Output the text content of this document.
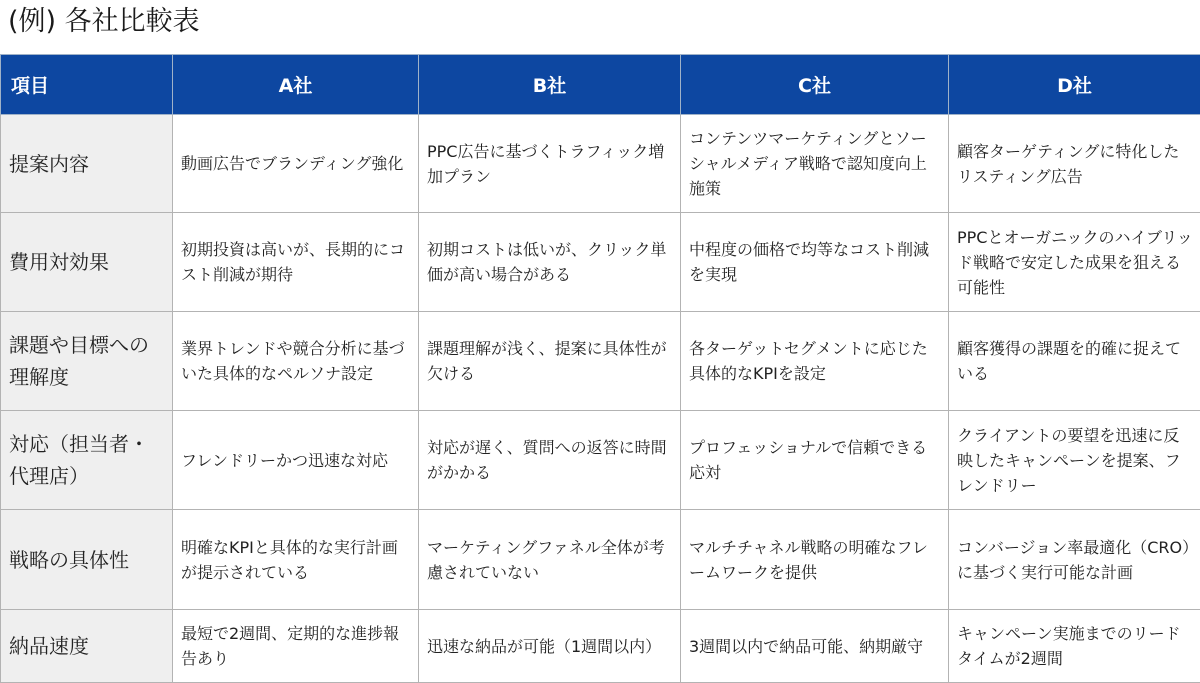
(例) 各社比較表
項目	A社	B社	C社	D社
提案内容	動画広告でブランディング強化	PPC広告に基づくトラフィック増加プラン	コンテンツマーケティングとソーシャルメディア戦略で認知度向上施策	顧客ターゲティングに特化したリスティング広告
費用対効果	初期投資は高いが、長期的にコスト削減が期待	初期コストは低いが、クリック単価が高い場合がある	中程度の価格で均等なコスト削減を実現	PPCとオーガニックのハイブリッド戦略で安定した成果を狙える可能性
課題や目標への理解度	業界トレンドや競合分析に基づいた具体的なペルソナ設定	課題理解が浅く、提案に具体性が欠ける	各ターゲットセグメントに応じた具体的なKPIを設定	顧客獲得の課題を的確に捉えている
対応（担当者・代理店）	フレンドリーかつ迅速な対応	対応が遅く、質問への返答に時間がかかる	プロフェッショナルで信頼できる応対	クライアントの要望を迅速に反映したキャンペーンを提案、フレンドリー
戦略の具体性	明確なKPIと具体的な実行計画が提示されている	マーケティングファネル全体が考慮されていない	マルチチャネル戦略の明確なフレームワークを提供	コンバージョン率最適化（CRO）に基づく実行可能な計画
納品速度	最短で2週間、定期的な進捗報告あり	迅速な納品が可能（1週間以内）	3週間以内で納品可能、納期厳守	キャンペーン実施までのリードタイムが2週間
